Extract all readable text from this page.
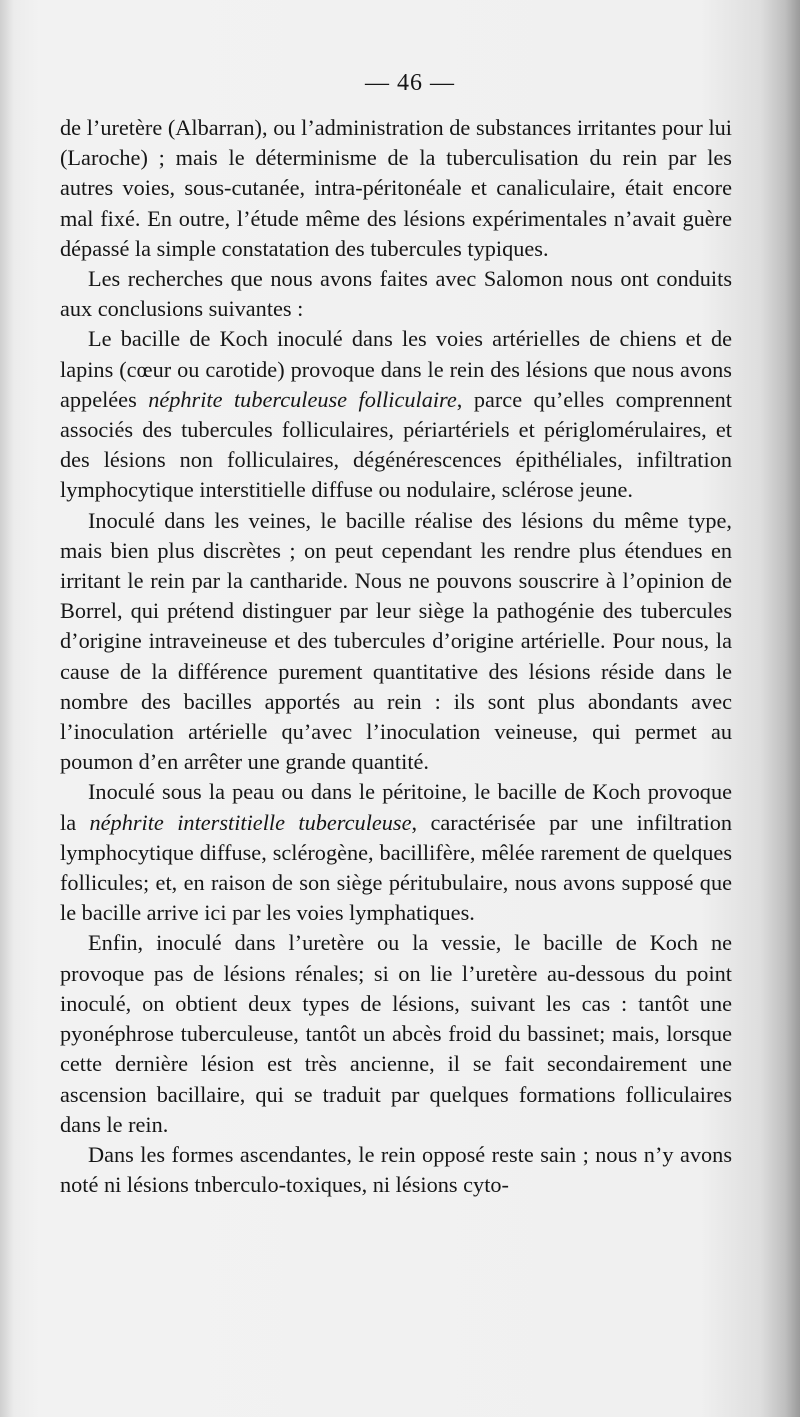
— 46 —

de l’uretère (Albarran), ou l’administration de substances irritantes pour lui (Laroche) ; mais le déterminisme de la tuberculisation du rein par les autres voies, sous-cutanée, intra-péritonéale et canaliculaire, était encore mal fixé. En outre, l’étude même des lésions expérimentales n’avait guère dépassé la simple constatation des tubercules typiques.

Les recherches que nous avons faites avec Salomon nous ont conduits aux conclusions suivantes :

Le bacille de Koch inoculé dans les voies artérielles de chiens et de lapins (cœur ou carotide) provoque dans le rein des lésions que nous avons appelées néphrite tuberculeuse folliculaire, parce qu’elles comprennent associés des tubercules folliculaires, périartériels et périglomérulaires, et des lésions non folliculaires, dégénérescences épithéliales, infiltration lymphocytique interstitielle diffuse ou nodulaire, sclérose jeune.

Inoculé dans les veines, le bacille réalise des lésions du même type, mais bien plus discrètes ; on peut cependant les rendre plus étendues en irritant le rein par la cantharide. Nous ne pouvons souscrire à l’opinion de Borrel, qui prétend distinguer par leur siège la pathogénie des tubercules d’origine intraveineuse et des tubercules d’origine artérielle. Pour nous, la cause de la différence purement quantitative des lésions réside dans le nombre des bacilles apportés au rein : ils sont plus abondants avec l’inoculation artérielle qu’avec l’inoculation veineuse, qui permet au poumon d’en arrêter une grande quantité.

Inoculé sous la peau ou dans le péritoine, le bacille de Koch provoque la néphrite interstitielle tuberculeuse, caractérisée par une infiltration lymphocytique diffuse, sclérogène, bacillifère, mêlée rarement de quelques follicules; et, en raison de son siège péritubulaire, nous avons supposé que le bacille arrive ici par les voies lymphatiques.

Enfin, inoculé dans l’uretère ou la vessie, le bacille de Koch ne provoque pas de lésions rénales; si on lie l’uretère au-dessous du point inoculé, on obtient deux types de lésions, suivant les cas : tantôt une pyonéphrose tuberculeuse, tantôt un abcès froid du bassinet; mais, lorsque cette dernière lésion est très ancienne, il se fait secondairement une ascension bacillaire, qui se traduit par quelques formations folliculaires dans le rein.

Dans les formes ascendantes, le rein opposé reste sain ; nous n’y avons noté ni lésions tnberculo-toxiques, ni lésions cyto-
